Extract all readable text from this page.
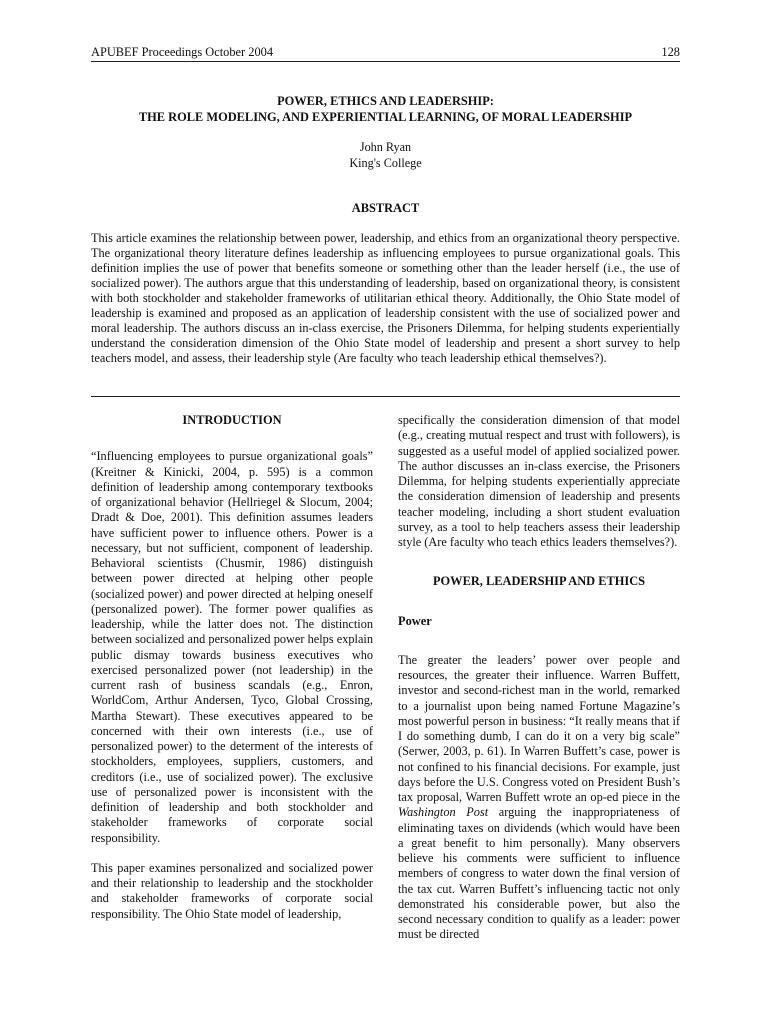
APUBEF Proceedings October 2004	128
POWER, ETHICS AND LEADERSHIP:
THE ROLE MODELING, AND EXPERIENTIAL LEARNING, OF MORAL LEADERSHIP
John Ryan
King's College
ABSTRACT
This article examines the relationship between power, leadership, and ethics from an organizational theory perspective. The organizational theory literature defines leadership as influencing employees to pursue organizational goals. This definition implies the use of power that benefits someone or something other than the leader herself (i.e., the use of socialized power). The authors argue that this understanding of leadership, based on organizational theory, is consistent with both stockholder and stakeholder frameworks of utilitarian ethical theory. Additionally, the Ohio State model of leadership is examined and proposed as an application of leadership consistent with the use of socialized power and moral leadership. The authors discuss an in-class exercise, the Prisoners Dilemma, for helping students experientially understand the consideration dimension of the Ohio State model of leadership and present a short survey to help teachers model, and assess, their leadership style (Are faculty who teach leadership ethical themselves?).
INTRODUCTION

“Influencing employees to pursue organizational goals” (Kreitner & Kinicki, 2004, p. 595) is a common definition of leadership among contemporary textbooks of organizational behavior (Hellriegel & Slocum, 2004; Dradt & Doe, 2001). This definition assumes leaders have sufficient power to influence others. Power is a necessary, but not sufficient, component of leadership. Behavioral scientists (Chusmir, 1986) distinguish between power directed at helping other people (socialized power) and power directed at helping oneself (personalized power). The former power qualifies as leadership, while the latter does not. The distinction between socialized and personalized power helps explain public dismay towards business executives who exercised personalized power (not leadership) in the current rash of business scandals (e.g., Enron, WorldCom, Arthur Andersen, Tyco, Global Crossing, Martha Stewart). These executives appeared to be concerned with their own interests (i.e., use of personalized power) to the determent of the interests of stockholders, employees, suppliers, customers, and creditors (i.e., use of socialized power). The exclusive use of personalized power is inconsistent with the definition of leadership and both stockholder and stakeholder frameworks of corporate social responsibility.

This paper examines personalized and socialized power and their relationship to leadership and the stockholder and stakeholder frameworks of corporate social responsibility. The Ohio State model of leadership,

specifically the consideration dimension of that model (e.g., creating mutual respect and trust with followers), is suggested as a useful model of applied socialized power. The author discusses an in-class exercise, the Prisoners Dilemma, for helping students experientially appreciate the consideration dimension of leadership and presents teacher modeling, including a short student evaluation survey, as a tool to help teachers assess their leadership style (Are faculty who teach ethics leaders themselves?).

POWER, LEADERSHIP AND ETHICS
Power

The greater the leaders’ power over people and resources, the greater their influence. Warren Buffett, investor and second-richest man in the world, remarked to a journalist upon being named Fortune Magazine’s most powerful person in business: “It really means that if I do something dumb, I can do it on a very big scale” (Serwer, 2003, p. 61). In Warren Buffett’s case, power is not confined to his financial decisions. For example, just days before the U.S. Congress voted on President Bush’s tax proposal, Warren Buffett wrote an op-ed piece in the Washington Post arguing the inappropriateness of eliminating taxes on dividends (which would have been a great benefit to him personally). Many observers believe his comments were sufficient to influence members of congress to water down the final version of the tax cut. Warren Buffett’s influencing tactic not only demonstrated his considerable power, but also the second necessary condition to qualify as a leader: power must be directed
